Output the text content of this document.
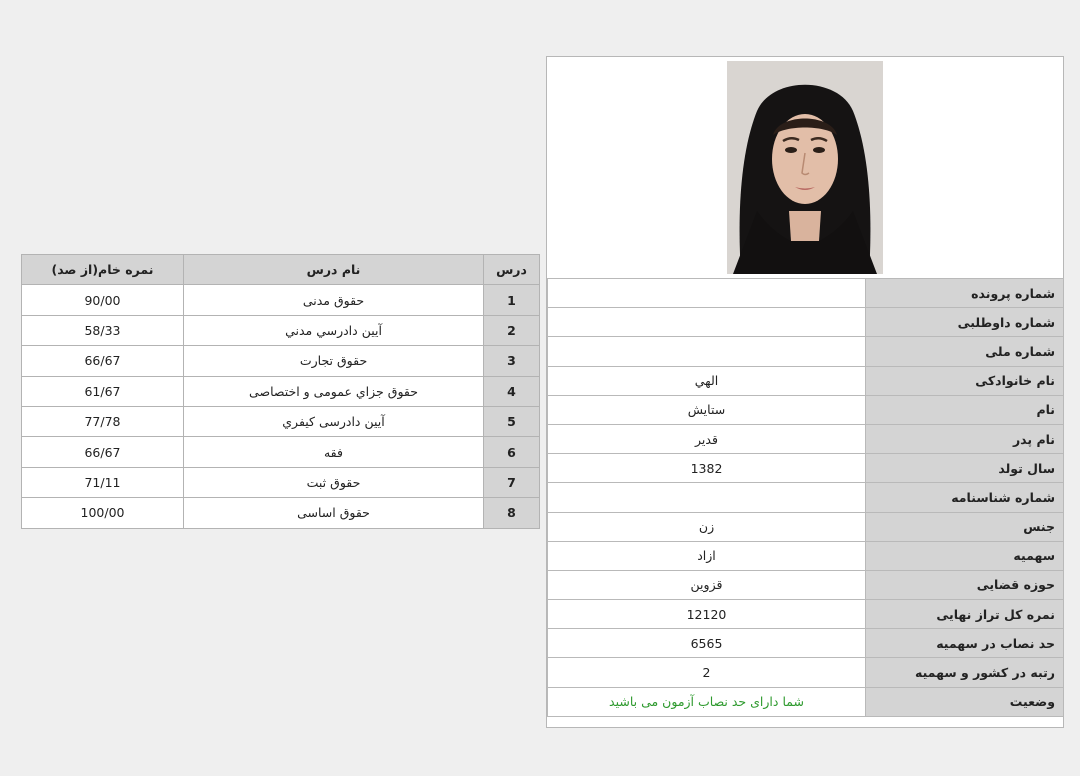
نمره خام(از صد)	نام درس	درس
90/00	حقوق مدنی	1
58/33	آيين دادرسي مدني	2
66/67	حقوق تجارت	3
61/67	حقوق جزاي عمومی و اختصاصی	4
77/78	آيين دادرسی کيفري	5
66/67	فقه	6
71/11	حقوق ثبت	7
100/00	حقوق اساسی	8
	شماره پرونده
	شماره داوطلبی
	شماره ملی
الهي	نام خانوادکی
ستايش	نام
قدير	نام پدر
1382	سال تولد
	شماره شناسنامه
زن	جنس
ازاد	سهميه
قزوين	حوزه قضايی
12120	نمره کل تراز نهايی
6565	حد نصاب در سهميه
2	رتبه در کشور و سهميه
شما دارای حد نصاب آزمون می باشيد	وضعيت
